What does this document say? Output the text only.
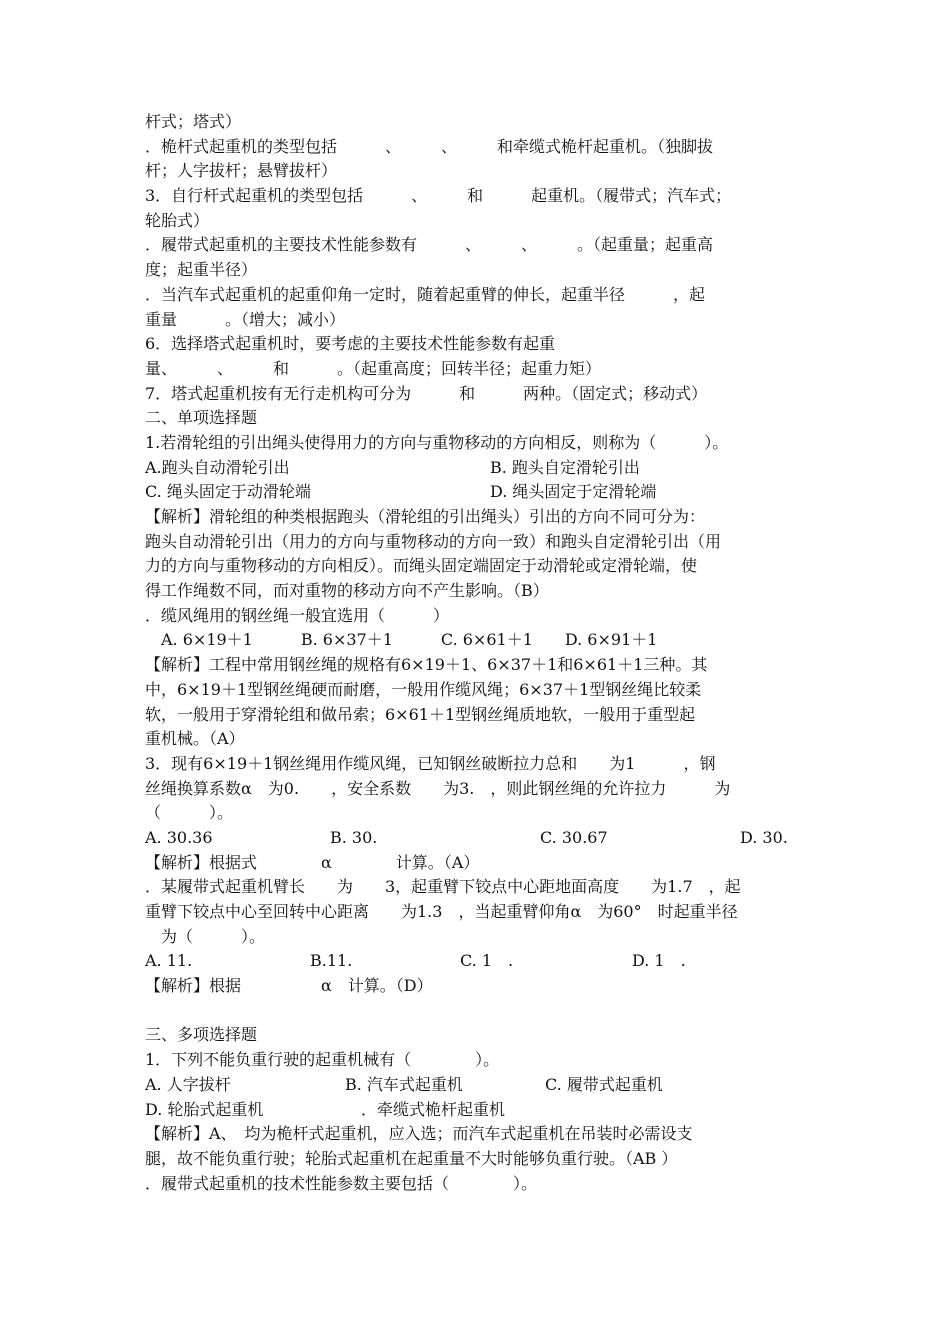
杆式；塔式）
．桅杆式起重机的类型包括　　　、　　　、　　　和牵缆式桅杆起重机。（独脚拔
杆；人字拔杆；悬臂拔杆）
3．自行杆式起重机的类型包括　　　、　　　和　　　起重机。（履带式；汽车式；
轮胎式）
．履带式起重机的主要技术性能参数有　　　、　　　、　　　。（起重量；起重高
度；起重半径）
．当汽车式起重机的起重仰角一定时，随着起重臂的伸长，起重半径　　　，起
重量　　　。（增大；减小）
6．选择塔式起重机时，要考虑的主要技术性能参数有起重
量、　　　、　　　和　　　。（起重高度；回转半径；起重力矩）
7．塔式起重机按有无行走机构可分为　　　和　　　两种。（固定式；移动式）
二、单项选择题
1.若滑轮组的引出绳头使得用力的方向与重物移动的方向相反，则称为（　　　）。
A.跑头自动滑轮引出	B. 跑头自定滑轮引出
C. 绳头固定于动滑轮端	D. 绳头固定于定滑轮端
【解析】滑轮组的种类根据跑头（滑轮组的引出绳头）引出的方向不同可分为：
跑头自动滑轮引出（用力的方向与重物移动的方向一致）和跑头自定滑轮引出（用
力的方向与重物移动的方向相反）。而绳头固定端固定于动滑轮或定滑轮端，使
得工作绳数不同，而对重物的移动方向不产生影响。（B）
．缆风绳用的钢丝绳一般宜选用（　　　）
　A. 6×19＋1　　　B. 6×37＋1　　　C. 6×61＋1　　D. 6×91＋1
【解析】工程中常用钢丝绳的规格有6×19＋1、6×37＋1和6×61＋1三种。其
中，6×19＋1型钢丝绳硬而耐磨，一般用作缆风绳；6×37＋1型钢丝绳比较柔
软，一般用于穿滑轮组和做吊索；6×61＋1型钢丝绳质地软，一般用于重型起
重机械。（A）
3．现有6×19＋1钢丝绳用作缆风绳，已知钢丝破断拉力总和　　为1　　　，钢
丝绳换算系数α　为0.　　，安全系数　　为3.　，则此钢丝绳的允许拉力　　　为
（　　　）。
A. 30.36	B. 30.	C. 30.67	D. 30.
【解析】根据式　　　　α　　　　计算。（A）
．某履带式起重机臂长　　为　　3，起重臂下铰点中心距地面高度　　为1.7　，起
重臂下铰点中心至回转中心距离　　为1.3　，当起重臂仰角α　为60°　时起重半径
　为（　　　）。
A. 11.	B.11.	C. 1　.	D. 1　.
【解析】根据　　　　　α　计算。（D）
三、多项选择题
1．下列不能负重行驶的起重机械有（　　　　）。
A. 人字拔杆	B. 汽车式起重机	C. 履带式起重机
D. 轮胎式起重机	　．牵缆式桅杆起重机
【解析】A、　均为桅杆式起重机，应入选；而汽车式起重机在吊装时必需设支
腿，故不能负重行驶；轮胎式起重机在起重量不大时能够负重行驶。（AB ）
．履带式起重机的技术性能参数主要包括（　　　　）。
